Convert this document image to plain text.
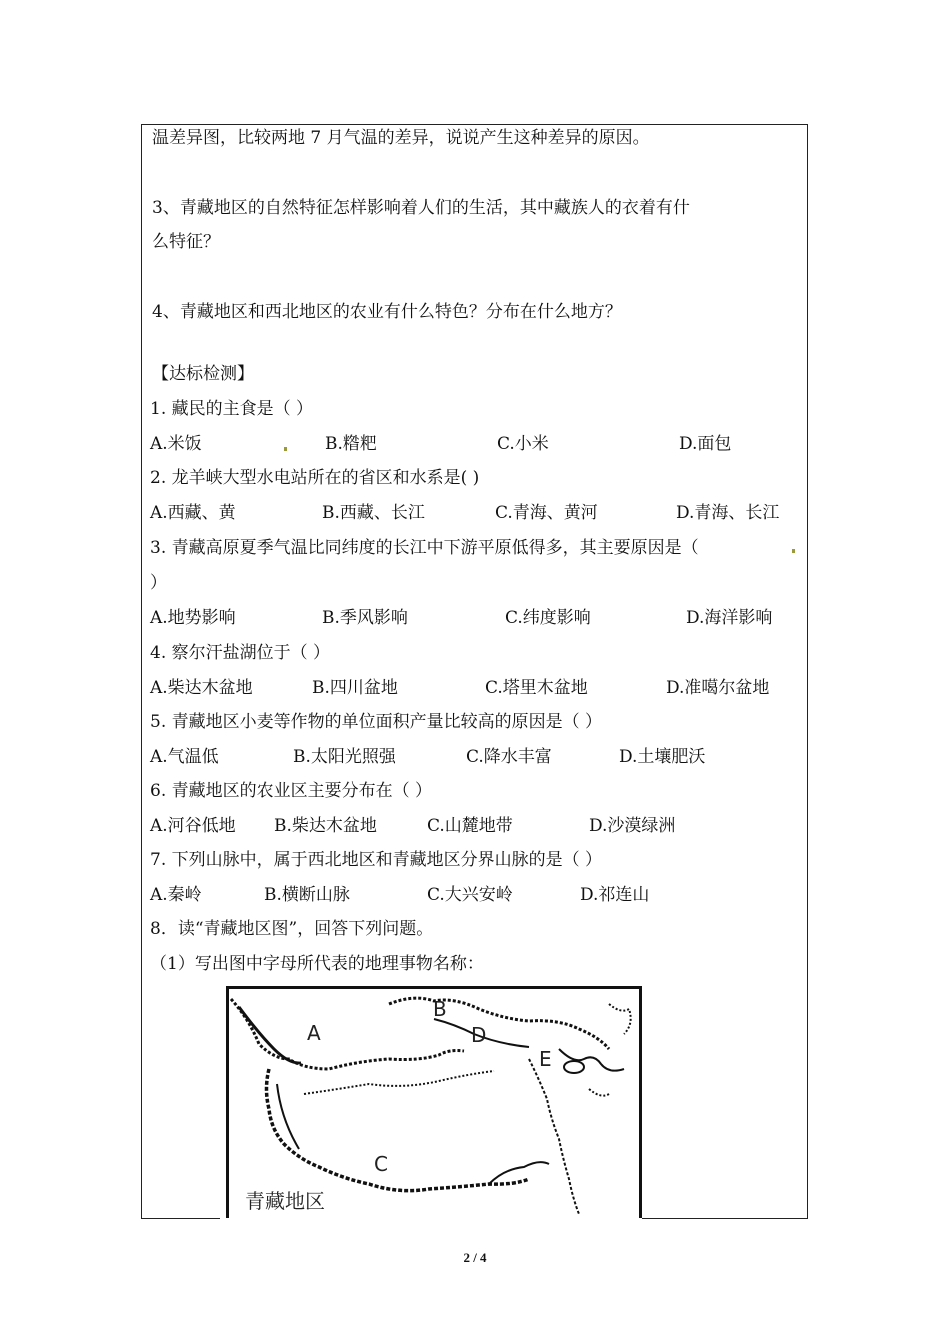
温差异图，比较两地 7 月气温的差异，说说产生这种差异的原因。
3、青藏地区的自然特征怎样影响着人们的生活，其中藏族人的衣着有什
么特征？
4、青藏地区和西北地区的农业有什么特色？分布在什么地方？
【达标检测】
1. 藏民的主食是（ ）
A.米饭	B.糌粑	C.小米	D.面包
2. 龙羊峡大型水电站所在的省区和水系是( )
A.西藏、黄	B.西藏、长江	C.青海、黄河	D.青海、长江
3. 青藏高原夏季气温比同纬度的长江中下游平原低得多，其主要原因是（
）
A.地势影响	B.季风影响	C.纬度影响	D.海洋影响
4. 察尔汗盐湖位于（ ）
A.柴达木盆地	B.四川盆地	C.塔里木盆地	D.准噶尔盆地
5. 青藏地区小麦等作物的单位面积产量比较高的原因是（ ）
A.气温低	B.太阳光照强	C.降水丰富	D.土壤肥沃
6. 青藏地区的农业区主要分布在（ ）
A.河谷低地 B.柴达木盆地	C.山麓地带	D.沙漠绿洲
7. 下列山脉中，属于西北地区和青藏地区分界山脉的是（ ）
A.秦岭	B.横断山脉	C.大兴安岭	D.祁连山
8．读“青藏地区图”，回答下列问题。
（1）写出图中字母所代表的地理事物名称：
A
B
C
D
E
青藏地区
2 / 4
